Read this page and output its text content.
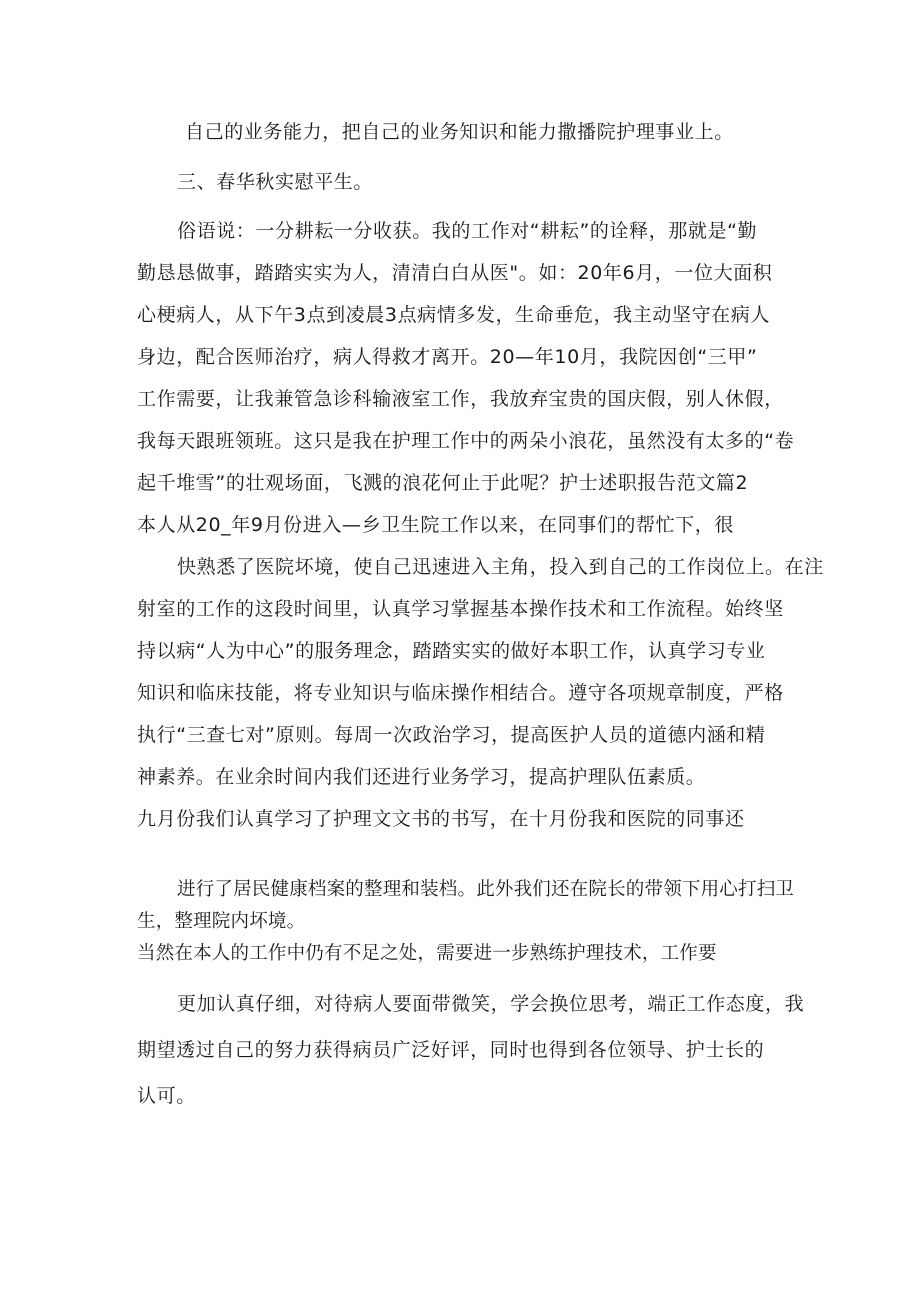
自己的业务能力，把自己的业务知识和能力撒播院护理事业上。
三、春华秋实慰平生。
俗语说：一分耕耘一分收获。我的工作对“耕耘”的诠释，那就是“勤
勤恳恳做事，踏踏实实为人，清清白白从医"。如：20年6月，一位大面积
心梗病人，从下午3点到凌晨3点病情多发，生命垂危，我主动坚守在病人
身边，配合医师治疗，病人得救才离开。20—年10月，我院因创“三甲”
工作需要，让我兼管急诊科输液室工作，我放弃宝贵的国庆假，别人休假，
我每天跟班领班。这只是我在护理工作中的两朵小浪花，虽然没有太多的“卷
起千堆雪”的壮观场面，飞溅的浪花何止于此呢？护士述职报告范文篇2
本人从20_年9月份进入—乡卫生院工作以来，在同事们的帮忙下，很
快熟悉了医院坏境，使自己迅速进入主角，投入到自己的工作岗位上。在注
射室的工作的这段时间里，认真学习掌握基本操作技术和工作流程。始终坚
持以病“人为中心”的服务理念，踏踏实实的做好本职工作，认真学习专业
知识和临床技能，将专业知识与临床操作相结合。遵守各项规章制度，严格
执行“三查七对”原则。每周一次政治学习，提高医护人员的道德内涵和精
神素养。在业余时间内我们还进行业务学习，提高护理队伍素质。
九月份我们认真学习了护理文文书的书写，在十月份我和医院的同事还
进行了居民健康档案的整理和装档。此外我们还在院长的带领下用心打扫卫
生，整理院内坏境。
当然在本人的工作中仍有不足之处，需要进一步熟练护理技术，工作要
更加认真仔细，对待病人要面带微笑，学会换位思考，端正工作态度，我
期望透过自己的努力获得病员广泛好评，同时也得到各位领导、护士长的
认可。
